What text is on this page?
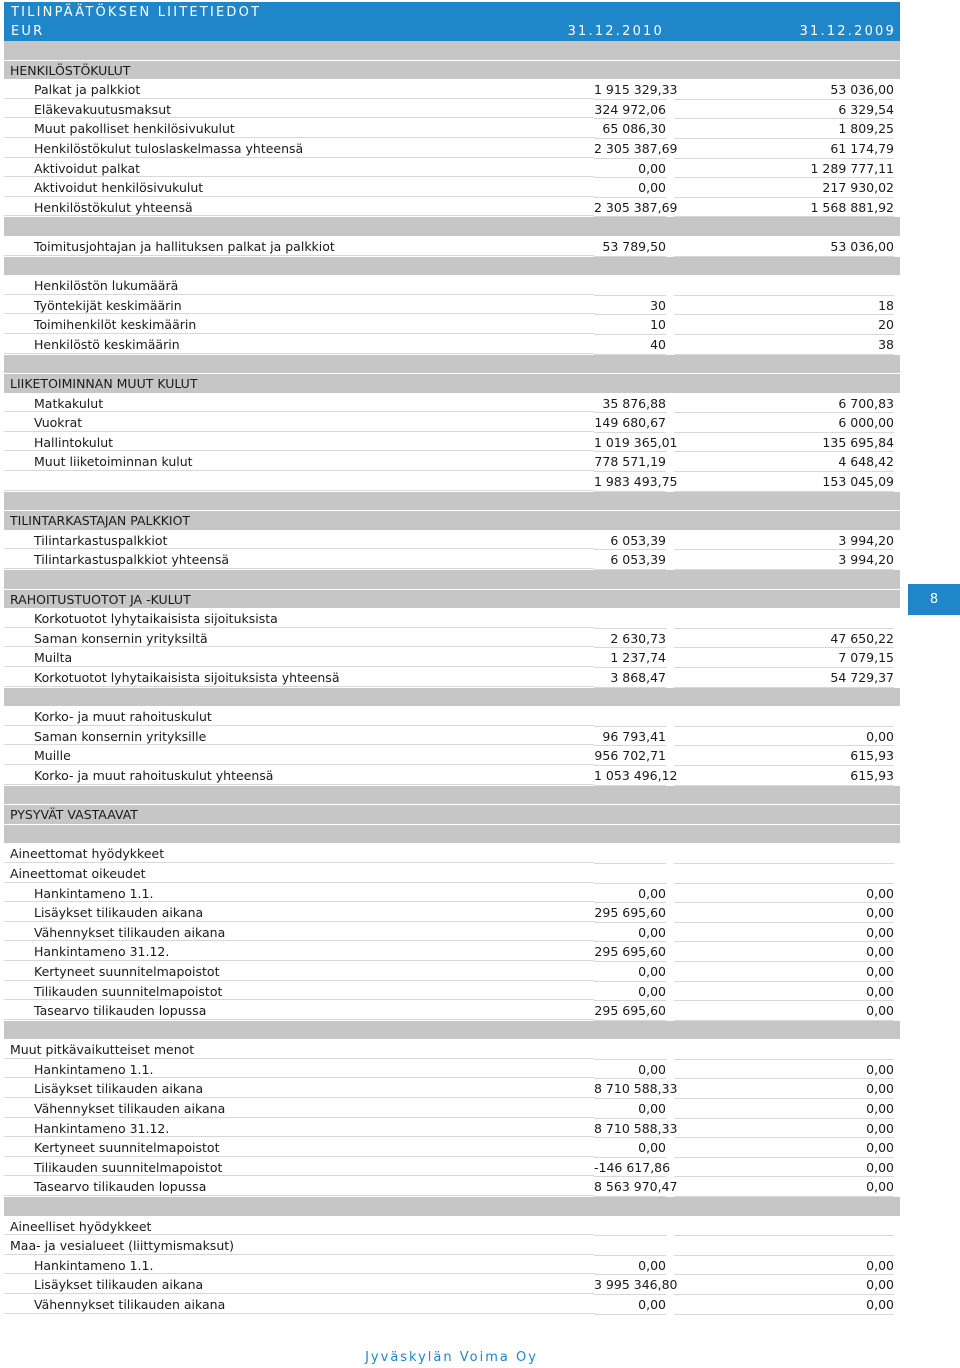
TILINPÄÄTÖKSEN LIITETIEDOT
EUR	31.12.2010	31.12.2009
HENKILÖSTÖKULUT
Palkat ja palkkiot	1 915 329,33	53 036,00
Eläkevakuutusmaksut	324 972,06	6 329,54
Muut pakolliset henkilösivukulut	65 086,30	1 809,25
Henkilöstökulut tuloslaskelmassa yhteensä	2 305 387,69	61 174,79
Aktivoidut palkat	0,00	1 289 777,11
Aktivoidut henkilösivukulut	0,00	217 930,02
Henkilöstökulut yhteensä	2 305 387,69	1 568 881,92
Toimitusjohtajan ja hallituksen palkat ja palkkiot	53 789,50	53 036,00
Henkilöstön lukumäärä
Työntekijät keskimäärin	30	18
Toimihenkilöt keskimäärin	10	20
Henkilöstö keskimäärin	40	38
LIIKETOIMINNAN MUUT KULUT
Matkakulut	35 876,88	6 700,83
Vuokrat	149 680,67	6 000,00
Hallintokulut	1 019 365,01	135 695,84
Muut liiketoiminnan kulut	778 571,19	4 648,42
1 983 493,75	153 045,09
TILINTARKASTAJAN PALKKIOT
Tilintarkastuspalkkiot	6 053,39	3 994,20
Tilintarkastuspalkkiot yhteensä	6 053,39	3 994,20
RAHOITUSTUOTOT JA -KULUT
Korkotuotot lyhytaikaisista sijoituksista
Saman konsernin yrityksiltä	2 630,73	47 650,22
Muilta	1 237,74	7 079,15
Korkotuotot lyhytaikaisista sijoituksista yhteensä	3 868,47	54 729,37
Korko- ja muut rahoituskulut
Saman konsernin yrityksille	96 793,41	0,00
Muille	956 702,71	615,93
Korko- ja muut rahoituskulut yhteensä	1 053 496,12	615,93
PYSYVÄT VASTAAVAT
Aineettomat hyödykkeet
Aineettomat oikeudet
Hankintameno 1.1.	0,00	0,00
Lisäykset tilikauden aikana	295 695,60	0,00
Vähennykset tilikauden aikana	0,00	0,00
Hankintameno 31.12.	295 695,60	0,00
Kertyneet suunnitelmapoistot	0,00	0,00
Tilikauden suunnitelmapoistot	0,00	0,00
Tasearvo tilikauden lopussa	295 695,60	0,00
Muut pitkävaikutteiset menot
Hankintameno 1.1.	0,00	0,00
Lisäykset tilikauden aikana	8 710 588,33	0,00
Vähennykset tilikauden aikana	0,00	0,00
Hankintameno 31.12.	8 710 588,33	0,00
Kertyneet suunnitelmapoistot	0,00	0,00
Tilikauden suunnitelmapoistot	-146 617,86	0,00
Tasearvo tilikauden lopussa	8 563 970,47	0,00
Aineelliset hyödykkeet
Maa- ja vesialueet (liittymismaksut)
Hankintameno 1.1.	0,00	0,00
Lisäykset tilikauden aikana	3 995 346,80	0,00
Vähennykset tilikauden aikana	0,00	0,00
8
Jyväskylän Voima Oy
